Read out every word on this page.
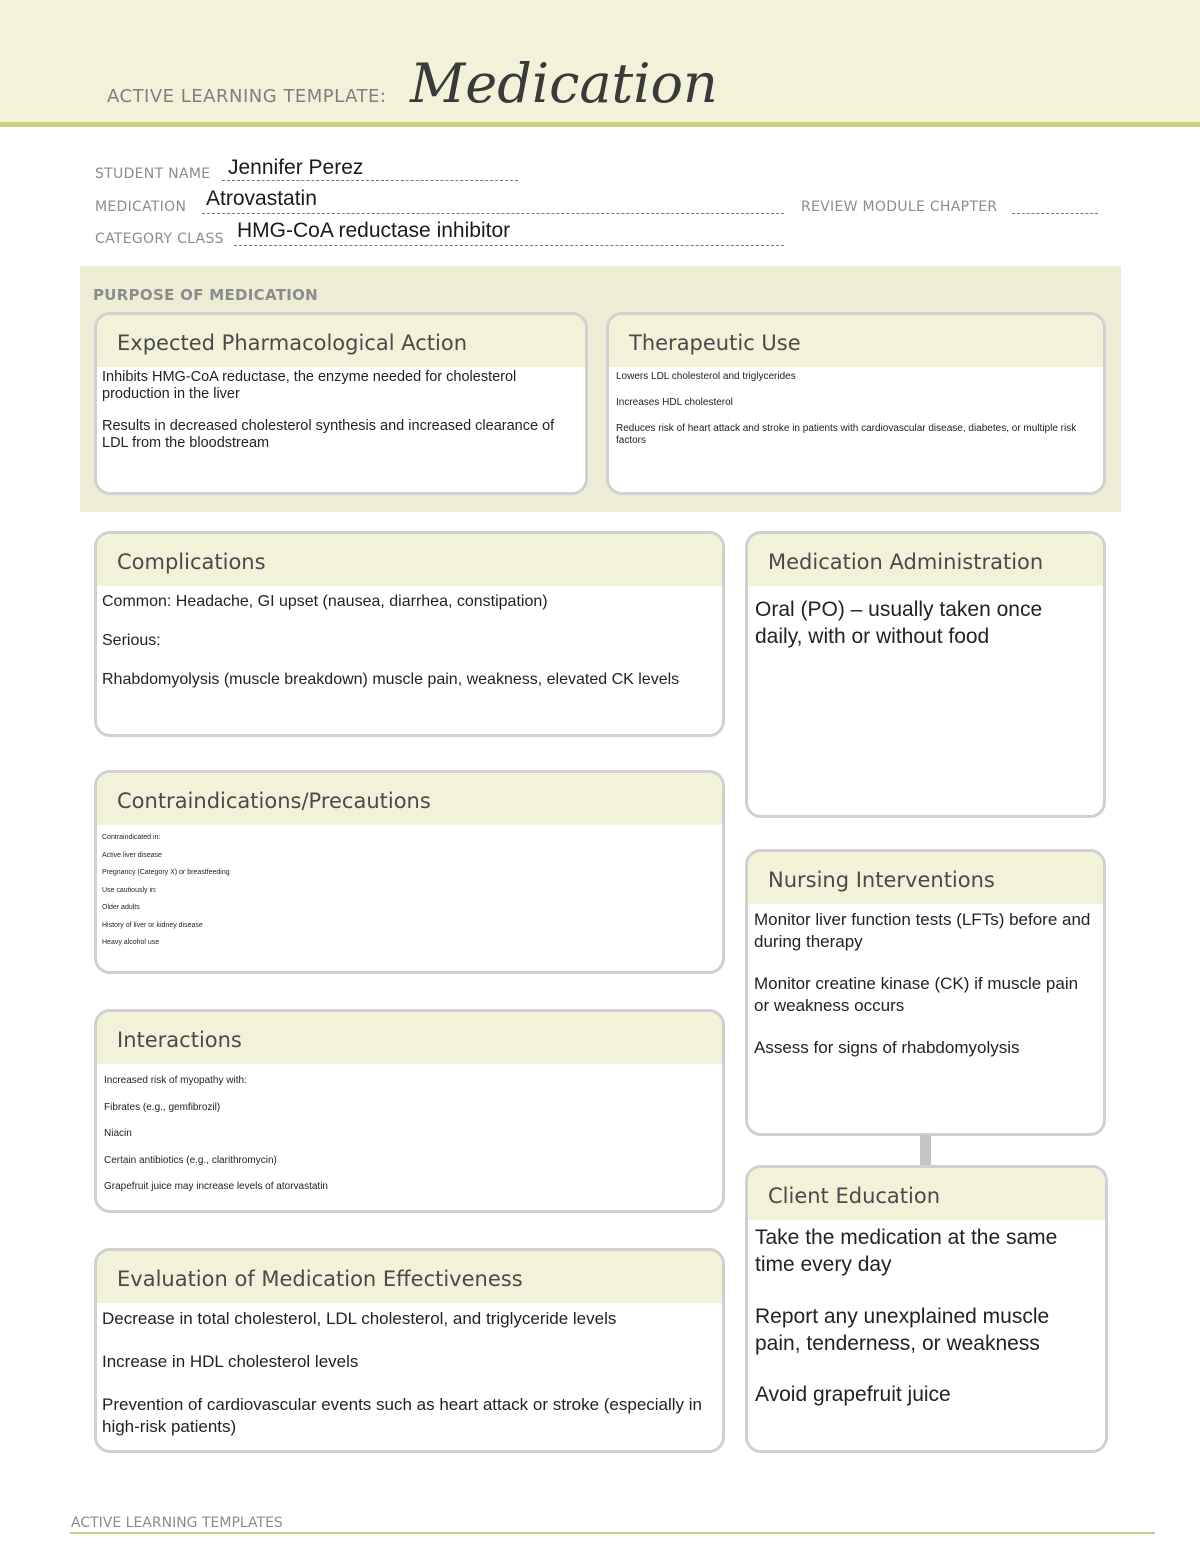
ACTIVE LEARNING TEMPLATE: Medication
STUDENT NAME Jennifer Perez
MEDICATION Atrovastatin	REVIEW MODULE CHAPTER
CATEGORY CLASS HMG-CoA reductase inhibitor
PURPOSE OF MEDICATION
Expected Pharmacological Action
Inhibits HMG-CoA reductase, the enzyme needed for cholesterol production in the liver
Results in decreased cholesterol synthesis and increased clearance of LDL from the bloodstream
Therapeutic Use
Lowers LDL cholesterol and triglycerides
Increases HDL cholesterol
Reduces risk of heart attack and stroke in patients with cardiovascular disease, diabetes, or multiple risk factors
Complications
Common: Headache, GI upset (nausea, diarrhea, constipation)
Serious:
Rhabdomyolysis (muscle breakdown) muscle pain, weakness, elevated CK levels
Medication Administration
Oral (PO) – usually taken once daily, with or without food
Contraindications/Precautions
Contraindicated in:
Active liver disease
Pregnancy (Category X) or breastfeeding
Use cautiously in:
Older adults
History of liver or kidney disease
Heavy alcohol use
Nursing Interventions
Monitor liver function tests (LFTs) before and during therapy
Monitor creatine kinase (CK) if muscle pain or weakness occurs
Assess for signs of rhabdomyolysis
Interactions
Increased risk of myopathy with:
Fibrates (e.g., gemfibrozil)
Niacin
Certain antibiotics (e.g., clarithromycin)
Grapefruit juice may increase levels of atorvastatin	Client Education
Take the medication at the same time every day
Report any unexplained muscle pain, tenderness, or weakness
Avoid grapefruit juice
Evaluation of Medication Effectiveness
Decrease in total cholesterol, LDL cholesterol, and triglyceride levels
Increase in HDL cholesterol levels
Prevention of cardiovascular events such as heart attack or stroke (especially in high-risk patients)
ACTIVE LEARNING TEMPLATES
